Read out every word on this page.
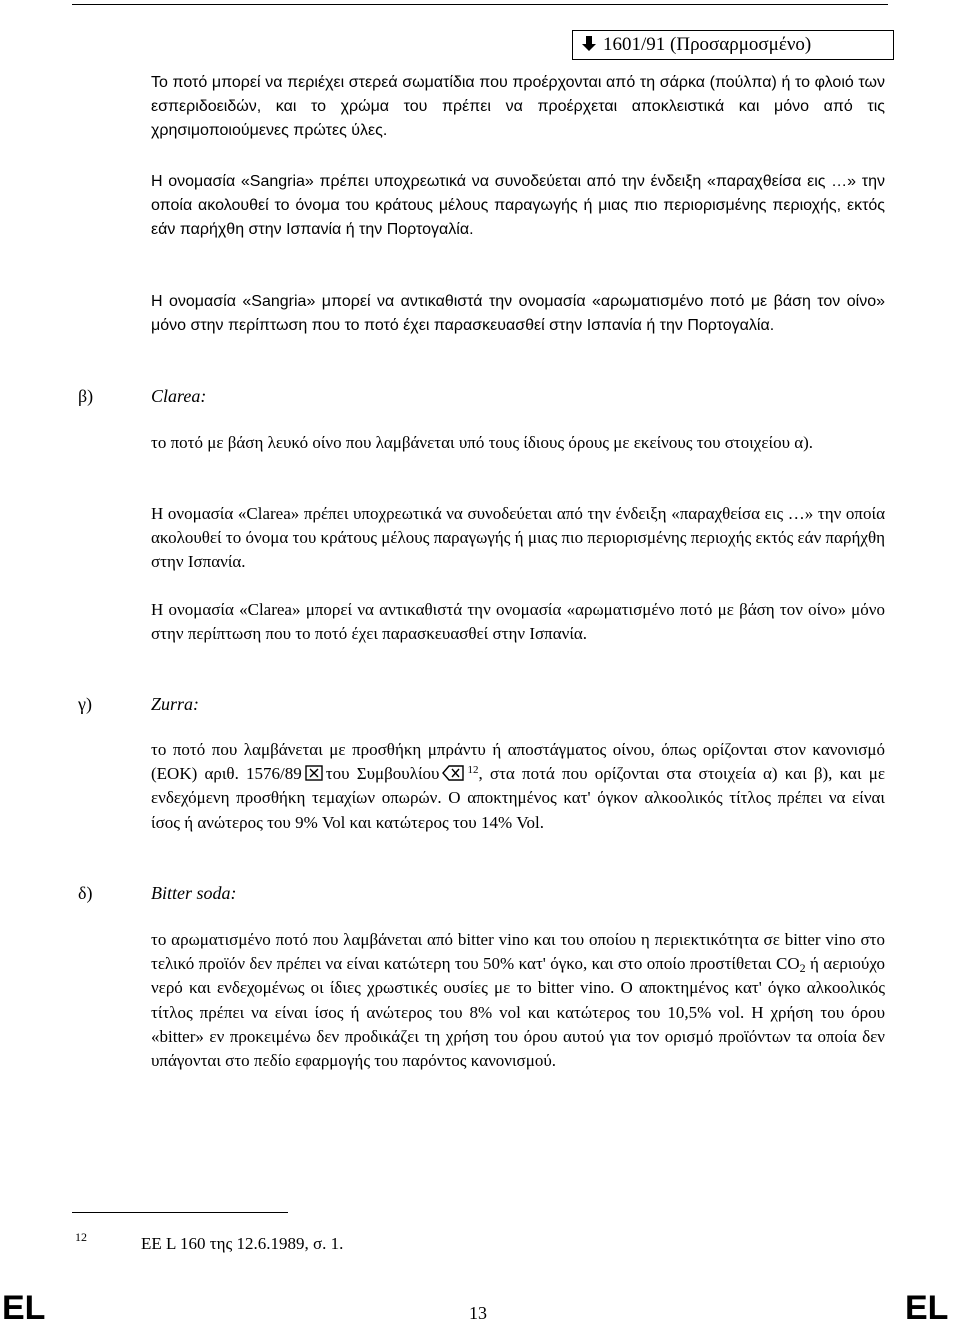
1601/91 (Προσαρμοσμένο)

Το ποτό μπορεί να περιέχει στερεά σωματίδια που προέρχονται από τη σάρκα (πούλπα) ή το φλοιό των εσπεριδοειδών, και το χρώμα του πρέπει να προέρχεται αποκλειστικά και μόνο από τις χρησιμοποιούμενες πρώτες ύλες.

Η ονομασία «Sangria» πρέπει υποχρεωτικά να συνοδεύεται από την ένδειξη «παραχθείσα εις …» την οποία ακολουθεί το όνομα του κράτους μέλους παραγωγής ή μιας πιο περιορισμένης περιοχής, εκτός εάν παρήχθη στην Ισπανία ή την Πορτογαλία.

Η ονομασία «Sangria» μπορεί να αντικαθιστά την ονομασία «αρωματισμένο ποτό με βάση τον οίνο» μόνο στην περίπτωση που το ποτό έχει παρασκευασθεί στην Ισπανία ή την Πορτογαλία.

β)	Clarea:

το ποτό με βάση λευκό οίνο που λαμβάνεται υπό τους ίδιους όρους με εκείνους του στοιχείου α).

Η ονομασία «Clarea» πρέπει υποχρεωτικά να συνοδεύεται από την ένδειξη «παραχθείσα εις …» την οποία ακολουθεί το όνομα του κράτους μέλους παραγωγής ή μιας πιο περιορισμένης περιοχής εκτός εάν παρήχθη στην Ισπανία.

Η ονομασία «Clarea» μπορεί να αντικαθιστά την ονομασία «αρωματισμένο ποτό με βάση τον οίνο» μόνο στην περίπτωση που το ποτό έχει παρασκευασθεί στην Ισπανία.

γ)	Zurra:

το ποτό που λαμβάνεται με προσθήκη μπράντυ ή αποστάγματος οίνου, όπως ορίζονται στον κανονισμό (ΕΟΚ) αριθ. 1576/89 του Συμβουλίου	$^{12}$, στα ποτά που ορίζονται στα στοιχεία α) και β), και με ενδεχόμενη προσθήκη τεμαχίων οπωρών. Ο αποκτημένος κατ' όγκον αλκοολικός τίτλος πρέπει να είναι ίσος ή ανώτερος του 9% Vol και κατώτερος του 14% Vol.

δ)	Bitter soda:

το αρωματισμένο ποτό που λαμβάνεται από bitter vino και του οποίου η περιεκτικότητα σε bitter vino στο τελικό προϊόν δεν πρέπει να είναι κατώτερη του 50% κατ' όγκο, και στο οποίο προστίθεται $CO_2$ ή αεριούχο νερό και ενδεχομένως οι ίδιες χρωστικές ουσίες με το bitter vino. Ο αποκτημένος κατ' όγκο αλκοολικός τίτλος πρέπει να είναι ίσος ή ανώτερος του 8% vol και κατώτερος του 10,5% vol. Η χρήση του όρου «bitter» εν προκειμένω δεν προδικάζει τη χρήση του όρου αυτού για τον ορισμό προϊόντων τα οποία δεν υπάγονται στο πεδίο εφαρμογής του παρόντος κανονισμού.

12	EE L 160 της 12.6.1989, σ. 1.
EL	13	EL
